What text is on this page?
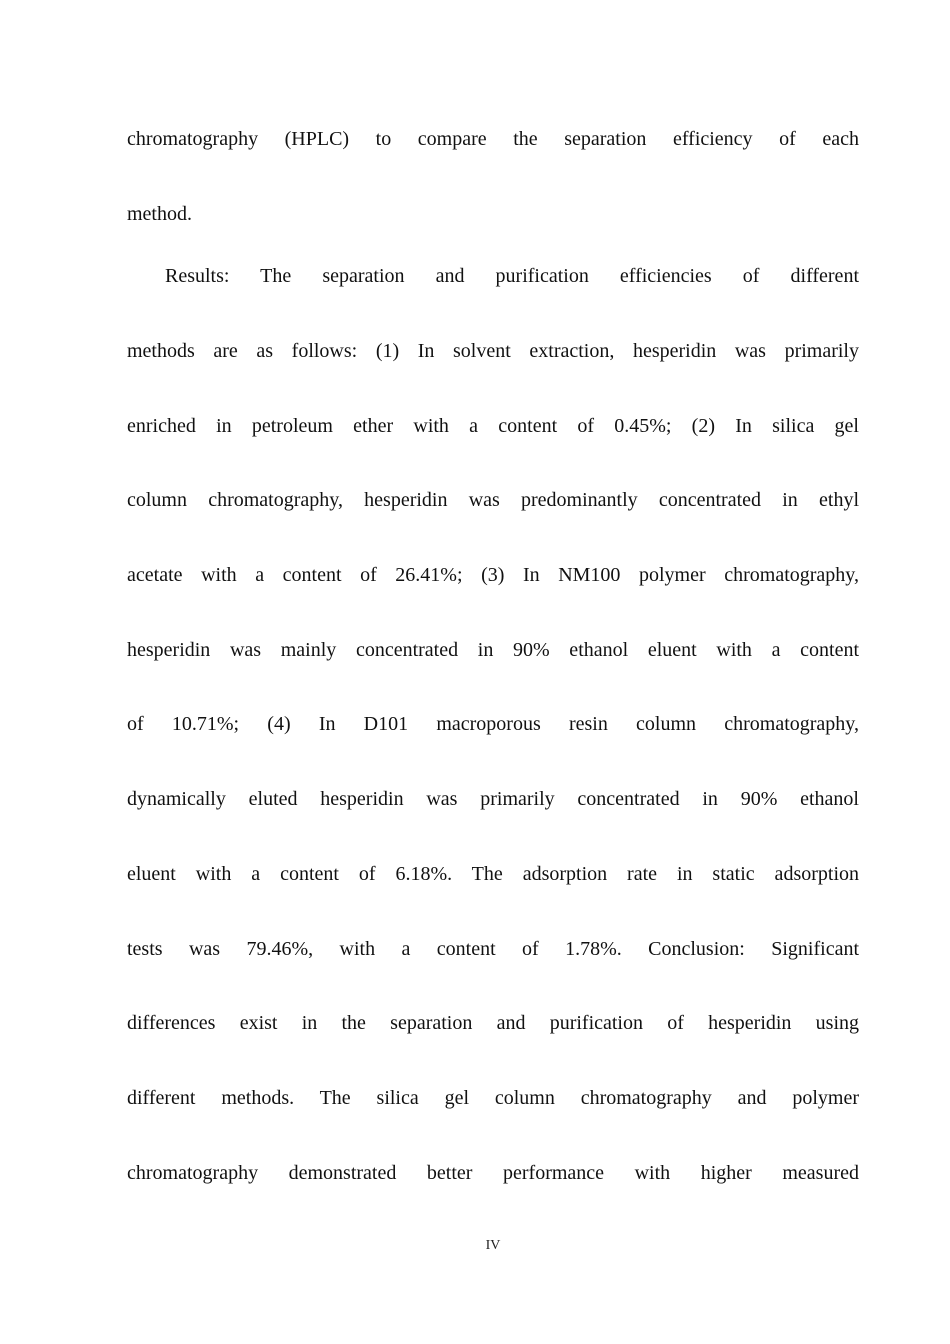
chromatography (HPLC) to compare the separation efficiency of each
method.
Results: The separation and purification efficiencies of different
methods are as follows: (1) In solvent extraction, hesperidin was primarily
enriched in petroleum ether with a content of 0.45%; (2) In silica gel
column chromatography, hesperidin was predominantly concentrated in ethyl
acetate with a content of 26.41%; (3) In NM100 polymer chromatography,
hesperidin was mainly concentrated in 90% ethanol eluent with a content
of 10.71%; (4) In D101 macroporous resin column chromatography,
dynamically eluted hesperidin was primarily concentrated in 90% ethanol
eluent with a content of 6.18%. The adsorption rate in static adsorption
tests was 79.46%, with a content of 1.78%. Conclusion: Significant
differences exist in the separation and purification of hesperidin using
different methods. The silica gel column chromatography and polymer
chromatography demonstrated better performance with higher measured
IV
